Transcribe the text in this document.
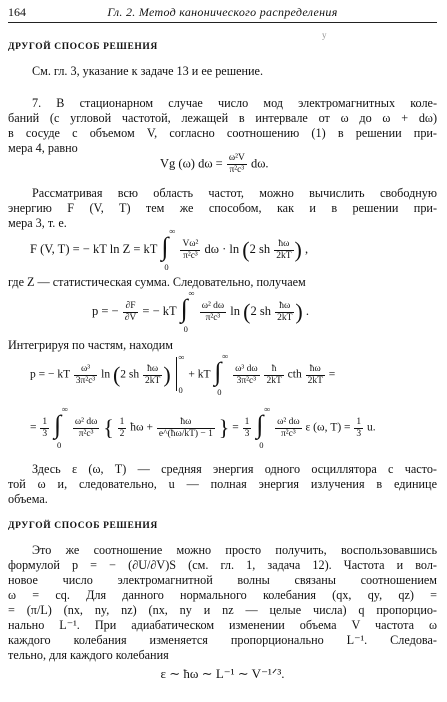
164	Гл. 2. Метод канонического распределения
у
ДРУГОЙ СПОСОБ РЕШЕНИЯ
См. гл. 3, указание к задаче 13 и ее решение.
7. В стационарном случае число мод электромагнитных коле-
баний (с угловой частотой, лежащей в интервале от ω до ω + dω)
в сосуде с объемом V, согласно соотношению (1) в решении при-
мера 4, равно
Vg (ω) $d\omega = \frac{\text{ω²V}}{\text{π²c³}} d\omega$.
Рассматривая всю область частот, можно вычислить свободную
энергию F (V, T) тем же способом, как и в решении при-
мера 3, т. е.
F (V, T) = − kT ln Z = kT ∫
∞
0

$\frac{\text{Vω²}}{\text{π²c³}}$ dω · ln (2 sh $\frac{ħ\omega}{2kT}$ ) ,
где Z — статистическая сумма. Следовательно, получаем
p = − $\frac{\partial F}{\partial V}$ = − kT ∫
∞
0

$\frac{\text{ω² dω}}{\text{π²c³}}$ ln (2 sh $\frac{ħ\omega}{2kT}$ ) .
Интегрируя по частям, находим
p = − kT $\frac{\text{ω³}}{\text{3π²c³}}$ ln (2 sh $\frac{ħ\omega}{2kT}$ )
∞
0
+ kT ∫
∞
0

$\frac{\text{ω³ dω}}{\text{3π²c³}}$
$\frac{ħ}{2kT}$ cth $\frac{ħ\omega}{2kT}$ =
= $\frac{1}{3}$
∫
∞
0

$\frac{\text{ω² dω}}{\text{π²c³}}$ { $\frac{1}{2}$ ħω + $\frac{ħ\omega}{e\^{}(ħ\omega/kT) - 1}$ } = $\frac{1}{3}$
∫
∞
0

$\frac{\text{ω² dω}}{\text{π²c³}}$ ε (ω, $T) = \frac{1}{3} u$.
Здесь ε (ω, T) — средняя энергия одного осциллятора с часто-
той ω и, следовательно, u — полная энергия излучения в единице
объема.
ДРУГОЙ СПОСОБ РЕШЕНИЯ
Это же соотношение можно просто получить, воспользовавшись
формулой p = − (∂U/∂V)S (см. гл. 1, задача 12). Частота и вол-
новое число электромагнитной волны связаны соотношением
ω = cq. Для данного нормального колебания (qx, qy, qz) =
= (π/L) (nx, ny, nz) (nx, ny и nz — целые числа) q пропорцио-
нально L⁻¹. При адиабатическом изменении объема V частота ω
каждого колебания изменяется пропорционально L⁻¹. Следова-
тельно, для каждого колебания
ε ∼ ħω ∼ L⁻¹ ∼ V⁻¹ᐟ³.
